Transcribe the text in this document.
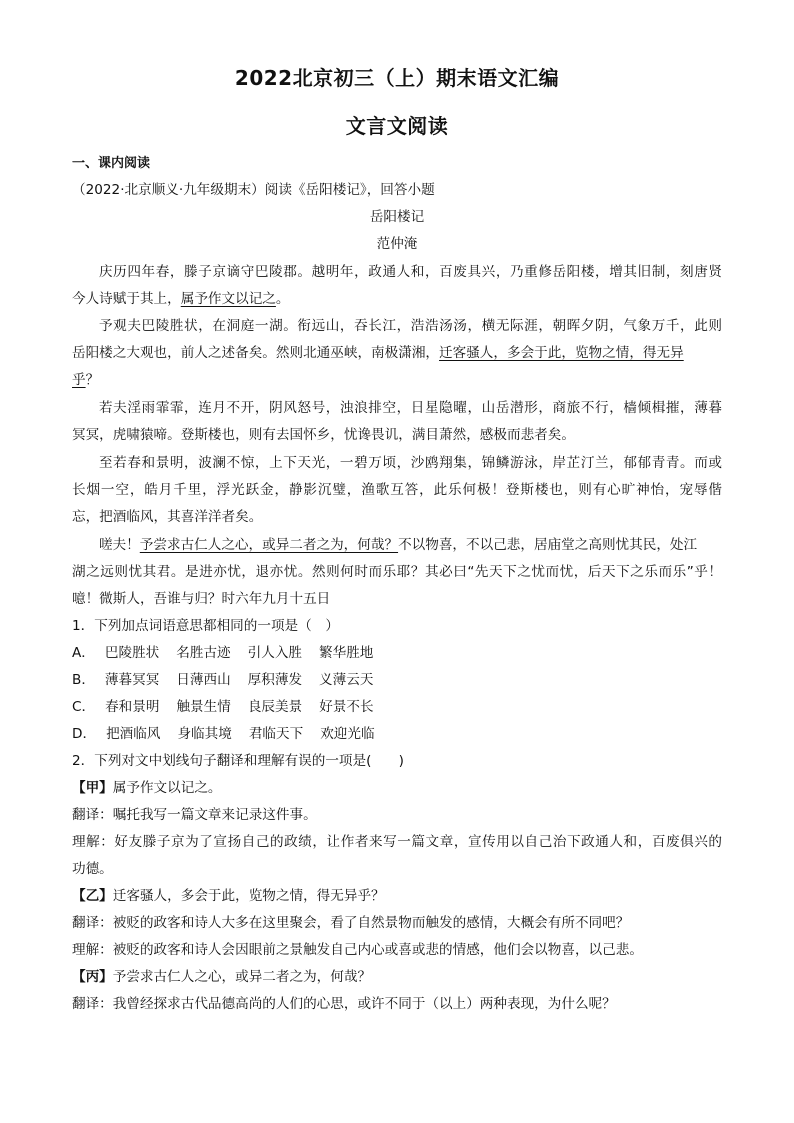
2022北京初三（上）期末语文汇编
文言文阅读
一、课内阅读
（2022·北京顺义·九年级期末）阅读《岳阳楼记》，回答小题
岳阳楼记
范仲淹
庆历四年春，滕子京谪守巴陵郡。越明年，政通人和，百废具兴，乃重修岳阳楼，增其旧制，刻唐贤
今人诗赋于其上，属予作文以记之。
予观夫巴陵胜状，在洞庭一湖。衔远山，吞长江，浩浩汤汤，横无际涯，朝晖夕阴，气象万千，此则
岳阳楼之大观也，前人之述备矣。然则北通巫峡，南极潇湘，迁客骚人，多会于此，览物之情，得无异
乎？
若夫淫雨霏霏，连月不开，阴风怒号，浊浪排空，日星隐曜，山岳潜形，商旅不行，樯倾楫摧，薄暮
冥冥，虎啸猿啼。登斯楼也，则有去国怀乡，忧谗畏讥，满目萧然，感极而悲者矣。
至若春和景明，波澜不惊，上下天光，一碧万顷，沙鸥翔集，锦鳞游泳，岸芷汀兰，郁郁青青。而或
长烟一空，皓月千里，浮光跃金，静影沉璧，渔歌互答，此乐何极！登斯楼也，则有心旷神怡，宠辱偕
忘，把酒临风，其喜洋洋者矣。
嗟夫！予尝求古仁人之心，或异二者之为，何哉？不以物喜，不以己悲，居庙堂之高则忧其民，处江
湖之远则忧其君。是进亦忧，退亦忧。然则何时而乐耶？其必曰“先天下之忧而忧，后天下之乐而乐”乎！
噫！微斯人，吾谁与归？时六年九月十五日
1．下列加点词语意思都相同的一项是（　）
A． 巴陵胜状 名胜古迹 引人入胜 繁华胜地
B． 薄暮冥冥 日薄西山 厚积薄发 义薄云天
C． 春和景明 触景生情 良辰美景 好景不长
D． 把酒临风 身临其境 君临天下 欢迎光临
2．下列对文中划线句子翻译和理解有误的一项是(　　)
【甲】属予作文以记之。
翻译：嘱托我写一篇文章来记录这件事。
理解：好友滕子京为了宣扬自己的政绩，让作者来写一篇文章，宣传用以自己治下政通人和，百废俱兴的
功德。
【乙】迁客骚人，多会于此，览物之情，得无异乎？
翻译：被贬的政客和诗人大多在这里聚会，看了自然景物而触发的感情，大概会有所不同吧？
理解：被贬的政客和诗人会因眼前之景触发自己内心或喜或悲的情感，他们会以物喜，以己悲。
【丙】予尝求古仁人之心，或异二者之为，何哉？
翻译：我曾经探求古代品德高尚的人们的心思，或许不同于（以上）两种表现，为什么呢？
